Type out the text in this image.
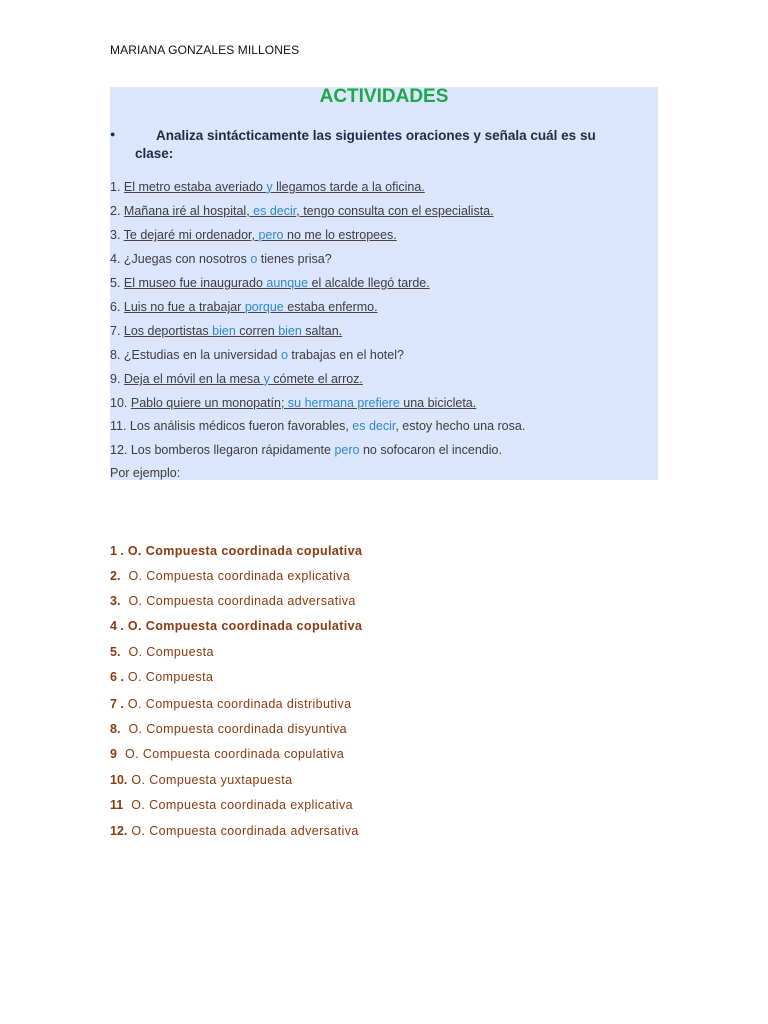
MARIANA GONZALES MILLONES
ACTIVIDADES
●	Analiza sintácticamente las siguientes oraciones y señala cuál es su clase:
1. El metro estaba averiado y llegamos tarde a la oficina.
2. Mañana iré al hospital, es decir, tengo consulta con el especialista.
3. Te dejaré mi ordenador, pero no me lo estropees.
4. ¿Juegas con nosotros o tienes prisa?
5. El museo fue inaugurado aunque el alcalde llegó tarde.
6. Luis no fue a trabajar porque estaba enfermo.
7. Los deportistas bien corren bien saltan.
8. ¿Estudias en la universidad o trabajas en el hotel?
9. Deja el móvil en la mesa y cómete el arroz.
10. Pablo quiere un monopatín; su hermana prefiere una bicicleta.
11. Los análisis médicos fueron favorables, es decir, estoy hecho una rosa.
12. Los bomberos llegaron rápidamente pero no sofocaron el incendio.
Por ejemplo:
1 . O. Compuesta coordinada copulativa
2. O. Compuesta coordinada explicativa
3. O. Compuesta coordinada adversativa
4 . O. Compuesta coordinada copulativa
5. O. Compuesta
6 . O. Compuesta
7 . O. Compuesta coordinada distributiva
8. O. Compuesta coordinada disyuntiva
9 O. Compuesta coordinada copulativa
10. O. Compuesta yuxtapuesta
11 O. Compuesta coordinada explicativa
12. O. Compuesta coordinada adversativa
